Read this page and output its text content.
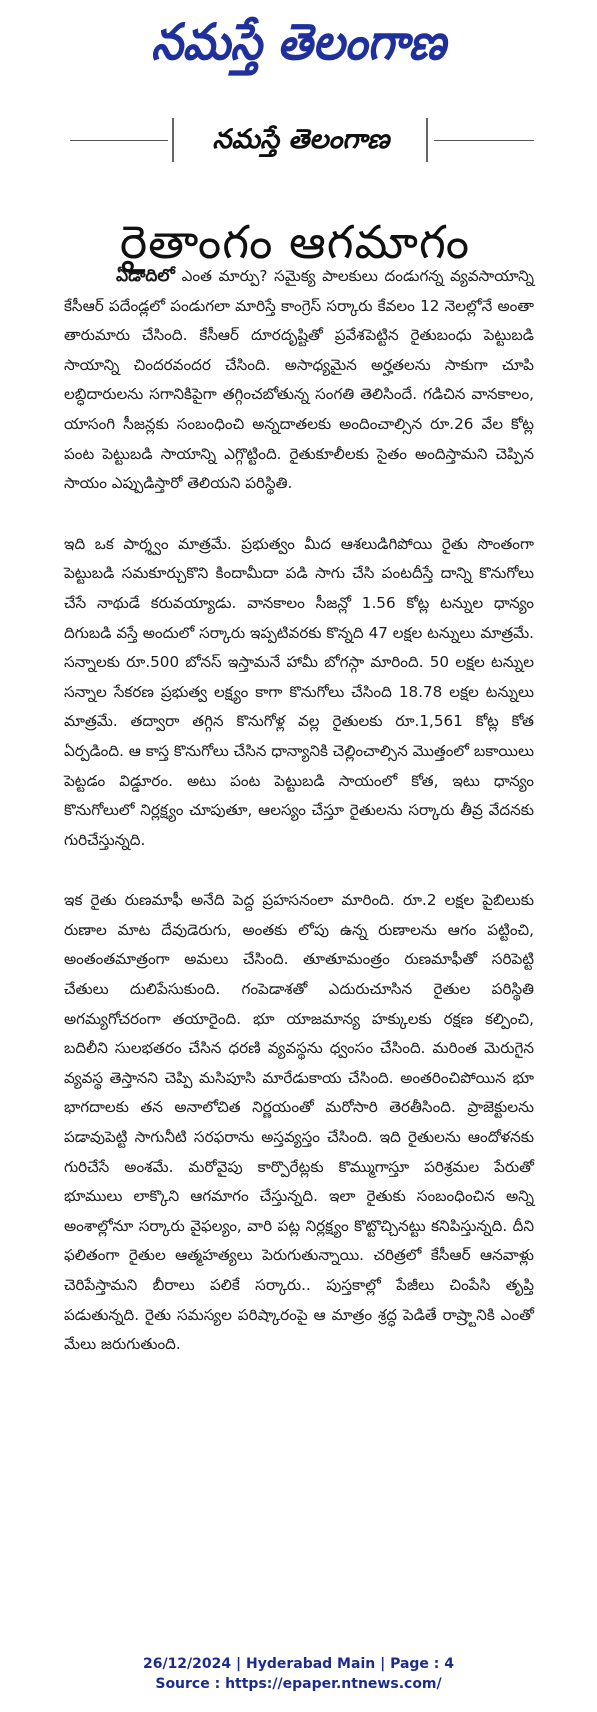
నమస్తే తెలంగాణ
నమస్తే తెలంగాణ
రైతాంగం ఆగమాగం

ఏడాదిలో ఎంత మార్పు? సమైక్య పాలకులు దండుగన్న వ్యవసాయాన్ని కేసీఆర్ పదేండ్లలో పండుగలా మారిస్తే కాంగ్రెస్ సర్కారు కేవలం 12 నెలల్లోనే అంతా తారుమారు చేసింది. కేసీఆర్ దూరదృష్టితో ప్రవేశపెట్టిన రైతుబంధు పెట్టుబడి సాయాన్ని చిందరవందర చేసింది. అసాధ్యమైన అర్హతలను సాకుగా చూపి లబ్ధిదారులను సగానికిపైగా తగ్గించబోతున్న సంగతి తెలిసిందే. గడిచిన వానకాలం, యాసంగి సీజన్లకు సంబంధించి అన్నదాతలకు అందించాల్సిన రూ.26 వేల కోట్ల పంట పెట్టుబడి సాయాన్ని ఎగ్గొట్టింది. రైతుకూలీలకు సైతం అందిస్తామని చెప్పిన సాయం ఎప్పుడిస్తారో తెలియని పరిస్థితి.

ఇది ఒక పార్శ్వం మాత్రమే. ప్రభుత్వం మీద ఆశలుడిగిపోయి రైతు సొంతంగా పెట్టుబడి సమకూర్చుకొని కిందామీదా పడి సాగు చేసి పంటదీస్తే దాన్ని కొనుగోలు చేసే నాథుడే కరువయ్యాడు. వానకాలం సీజన్లో 1.56 కోట్ల టన్నుల ధాన్యం దిగుబడి వస్తే అందులో సర్కారు ఇప్పటివరకు కొన్నది 47 లక్షల టన్నులు మాత్రమే. సన్నాలకు రూ.500 బోనస్ ఇస్తామనే హామీ బోగస్గా మారింది. 50 లక్షల టన్నుల సన్నాల సేకరణ ప్రభుత్వ లక్ష్యం కాగా కొనుగోలు చేసింది 18.78 లక్షల టన్నులు మాత్రమే. తద్వారా తగ్గిన కొనుగోళ్ల వల్ల రైతులకు రూ.1,561 కోట్ల కోత ఏర్పడింది. ఆ కాస్త కొనుగోలు చేసిన ధాన్యానికి చెల్లించాల్సిన మొత్తంలో బకాయిలు పెట్టడం విడ్డూరం. అటు పంట పెట్టుబడి సాయంలో కోత, ఇటు ధాన్యం కొనుగోలులో నిర్లక్ష్యం చూపుతూ, ఆలస్యం చేస్తూ రైతులను సర్కారు తీవ్ర వేదనకు గురిచేస్తున్నది.

ఇక రైతు రుణమాఫీ అనేది పెద్ద ప్రహసనంలా మారింది. రూ.2 లక్షల పైబిలుకు రుణాల మాట దేవుడెరుగు, అంతకు లోపు ఉన్న రుణాలను ఆగం పట్టించి, అంతంతమాత్రంగా అమలు చేసింది. తూతూమంత్రం రుణమాఫీతో సరిపెట్టి చేతులు దులిపేసుకుంది. గంపెడాశతో ఎదురుచూసిన రైతుల పరిస్థితి అగమ్యగోచరంగా తయారైంది. భూ యాజమాన్య హక్కులకు రక్షణ కల్పించి, బదిలీని సులభతరం చేసిన ధరణి వ్యవస్థను ధ్వంసం చేసింది. మరింత మెరుగైన వ్యవస్థ తెస్తానని చెప్పి మసిపూసి మారేడుకాయ చేసింది. అంతరించిపోయిన భూ భాగదాలకు తన అనాలోచిత నిర్ణయంతో మరోసారి తెరతీసింది. ప్రాజెక్టులను పడావుపెట్టి సాగునీటి సరఫరాను అస్తవ్యస్తం చేసింది. ఇది రైతులను ఆందోళనకు గురిచేసే అంశమే. మరోవైపు కార్పొరేట్లకు కొమ్ముగాస్తూ పరిశ్రమల పేరుతో భూములు లాక్కొని ఆగమాగం చేస్తున్నది. ఇలా రైతుకు సంబంధించిన అన్ని అంశాల్లోనూ సర్కారు వైఫల్యం, వారి పట్ల నిర్లక్ష్యం కొట్టొచ్చినట్టు కనిపిస్తున్నది. దీని ఫలితంగా రైతుల ఆత్మహత్యలు పెరుగుతున్నాయి. చరిత్రలో కేసీఆర్ ఆనవాళ్లు చెరిపేస్తామని బీరాలు పలికే సర్కారు.. పుస్తకాల్లో పేజీలు చింపేసి తృప్తి పడుతున్నది. రైతు సమస్యల పరిష్కారంపై ఆ మాత్రం శ్రద్ధ పెడితే రాష్ర్టానికి ఎంతో మేలు జరుగుతుంది.

26/12/2024 | Hyderabad Main | Page : 4
Source : https://epaper.ntnews.com/
